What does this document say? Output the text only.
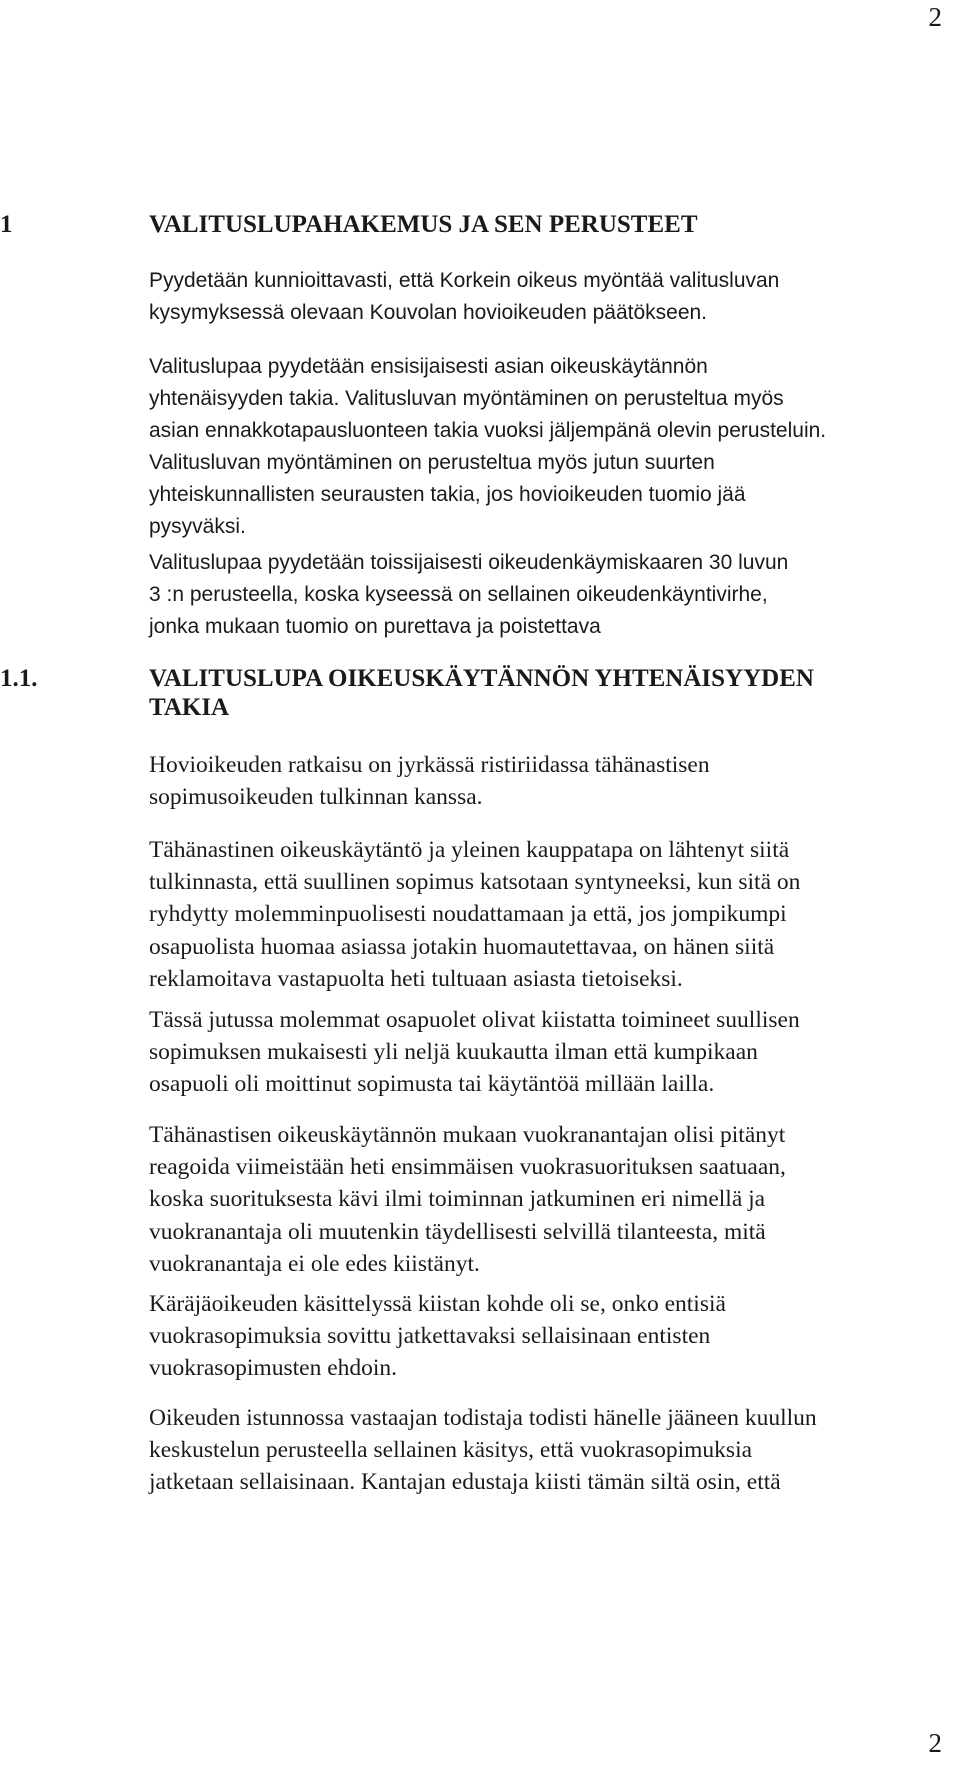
2
1	VALITUSLUPAHAKEMUS JA SEN PERUSTEET

Pyydetään kunnioittavasti, että Korkein oikeus myöntää valitusluvan
kysymyksessä olevaan Kouvolan hovioikeuden päätökseen.

Valituslupaa pyydetään ensisijaisesti asian oikeuskäytännön
yhtenäisyyden takia. Valitusluvan myöntäminen on perusteltua myös
asian ennakkotapausluonteen takia vuoksi jäljempänä olevin perusteluin.
Valitusluvan myöntäminen on perusteltua myös jutun suurten
yhteiskunnallisten seurausten takia, jos hovioikeuden tuomio jää
pysyväksi.

Valituslupaa pyydetään toissijaisesti oikeudenkäymiskaaren 30 luvun
3 :n perusteella, koska kyseessä on sellainen oikeudenkäyntivirhe,
jonka mukaan tuomio on purettava ja poistettava

1.1.	VALITUSLUPA OIKEUSKÄYTÄNNÖN YHTENÄISYYDEN
TAKIA

Hovioikeuden ratkaisu on jyrkässä ristiriidassa tähänastisen
sopimusoikeuden tulkinnan kanssa.

Tähänastinen oikeuskäytäntö ja yleinen kauppatapa on lähtenyt siitä
tulkinnasta, että suullinen sopimus katsotaan syntyneeksi, kun sitä on
ryhdytty molemminpuolisesti noudattamaan ja että, jos jompikumpi
osapuolista huomaa asiassa jotakin huomautettavaa, on hänen siitä
reklamoitava vastapuolta heti tultuaan asiasta tietoiseksi.

Tässä jutussa molemmat osapuolet olivat kiistatta toimineet suullisen
sopimuksen mukaisesti yli neljä kuukautta ilman että kumpikaan
osapuoli oli moittinut sopimusta tai käytäntöä millään lailla.

Tähänastisen oikeuskäytännön mukaan vuokranantajan olisi pitänyt
reagoida viimeistään heti ensimmäisen vuokrasuorituksen saatuaan,
koska suorituksesta kävi ilmi toiminnan jatkuminen eri nimellä ja
vuokranantaja oli muutenkin täydellisesti selvillä tilanteesta, mitä
vuokranantaja ei ole edes kiistänyt.

Käräjäoikeuden käsittelyssä kiistan kohde oli se, onko entisiä
vuokrasopimuksia sovittu jatkettavaksi sellaisinaan entisten
vuokrasopimusten ehdoin.

Oikeuden istunnossa vastaajan todistaja todisti hänelle jääneen kuullun
keskustelun perusteella sellainen käsitys, että vuokrasopimuksia
jatketaan sellaisinaan. Kantajan edustaja kiisti tämän siltä osin, että

2
